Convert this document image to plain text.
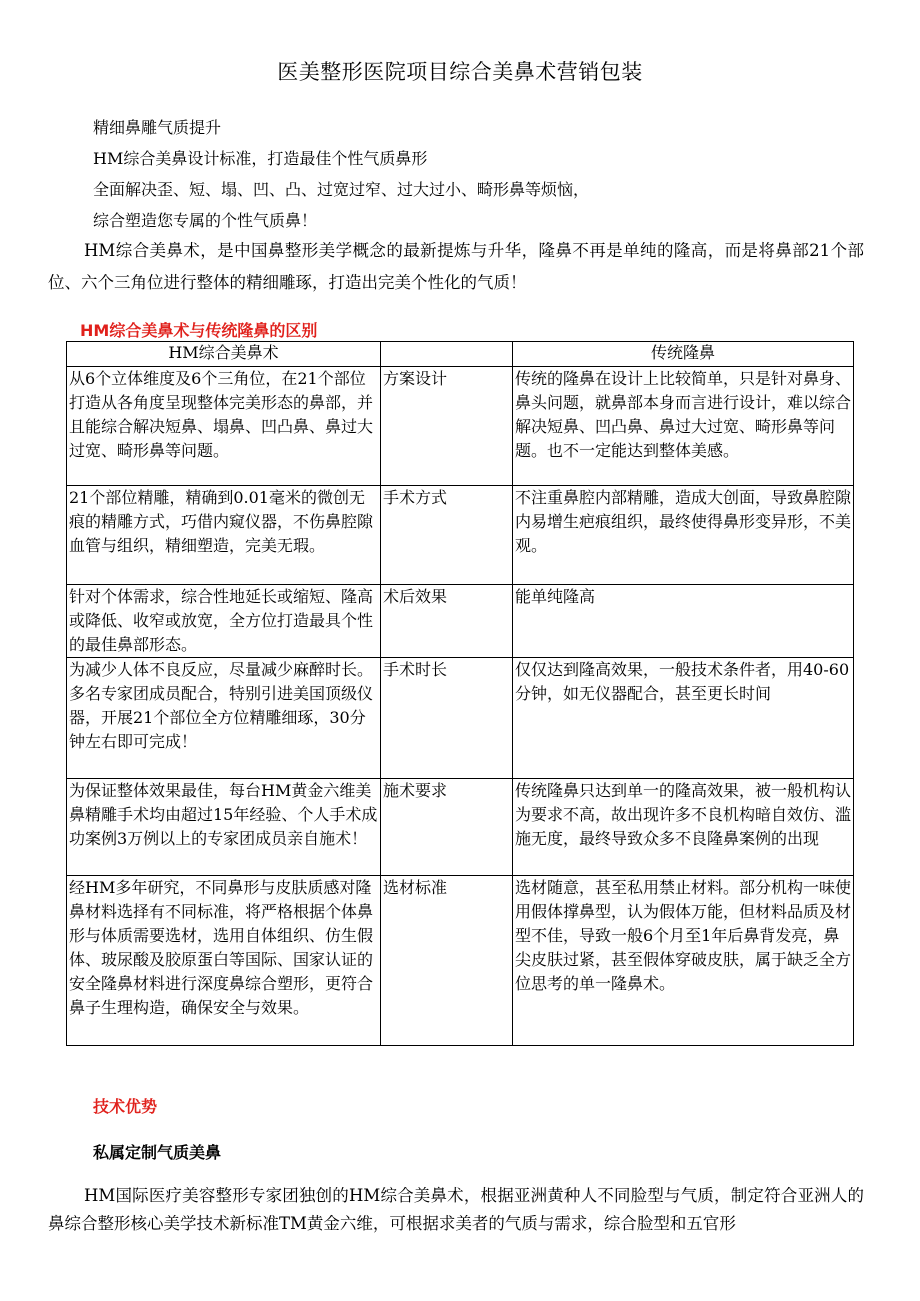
医美整形医院项目综合美鼻术营销包装
精细鼻雕气质提升
HM综合美鼻设计标准，打造最佳个性气质鼻形
全面解决歪、短、塌、凹、凸、过宽过窄、过大过小、畸形鼻等烦恼，
综合塑造您专属的个性气质鼻！
HM综合美鼻术，是中国鼻整形美学概念的最新提炼与升华，隆鼻不再是单纯的隆高，而是将鼻部21个部位、六个三角位进行整体的精细雕琢，打造出完美个性化的气质！
HM综合美鼻术与传统隆鼻的区别
HM综合美鼻术		传统隆鼻
从6个立体维度及6个三角位，在21个部位打造从各角度呈现整体完美形态的鼻部，并且能综合解决短鼻、塌鼻、凹凸鼻、鼻过大过宽、畸形鼻等问题。	方案设计	传统的隆鼻在设计上比较简单，只是针对鼻身、鼻头问题，就鼻部本身而言进行设计，难以综合解决短鼻、凹凸鼻、鼻过大过宽、畸形鼻等问题。也不一定能达到整体美感。
21个部位精雕，精确到0.01毫米的微创无痕的精雕方式，巧借内窥仪器，不伤鼻腔隙血管与组织，精细塑造，完美无瑕。	手术方式	不注重鼻腔内部精雕，造成大创面，导致鼻腔隙内易增生疤痕组织，最终使得鼻形变异形，不美观。
针对个体需求，综合性地延长或缩短、隆高或降低、收窄或放宽，全方位打造最具个性的最佳鼻部形态。	术后效果	能单纯隆高
为减少人体不良反应，尽量减少麻醉时长。多名专家团成员配合，特别引进美国顶级仪器，开展21个部位全方位精雕细琢，30分钟左右即可完成！	手术时长	仅仅达到隆高效果，一般技术条件者，用40-60分钟，如无仪器配合，甚至更长时间
为保证整体效果最佳，每台HM黄金六维美鼻精雕手术均由超过15年经验、个人手术成功案例3万例以上的专家团成员亲自施术！	施术要求	传统隆鼻只达到单一的隆高效果，被一般机构认为要求不高，故出现许多不良机构暗自效仿、滥施无度，最终导致众多不良隆鼻案例的出现
经HM多年研究，不同鼻形与皮肤质感对隆鼻材料选择有不同标准，将严格根据个体鼻形与体质需要选材，选用自体组织、仿生假体、玻尿酸及胶原蛋白等国际、国家认证的安全隆鼻材料进行深度鼻综合塑形，更符合鼻子生理构造，确保安全与效果。	选材标准	选材随意，甚至私用禁止材料。部分机构一味使用假体撑鼻型，认为假体万能，但材料品质及材型不佳，导致一般6个月至1年后鼻背发亮，鼻尖皮肤过紧，甚至假体穿破皮肤，属于缺乏全方位思考的单一隆鼻术。
技术优势
私属定制气质美鼻
HM国际医疗美容整形专家团独创的HM综合美鼻术，根据亚洲黄种人不同脸型与气质，制定符合亚洲人的鼻综合整形核心美学技术新标准TM黄金六维，可根据求美者的气质与需求，综合脸型和五官形
